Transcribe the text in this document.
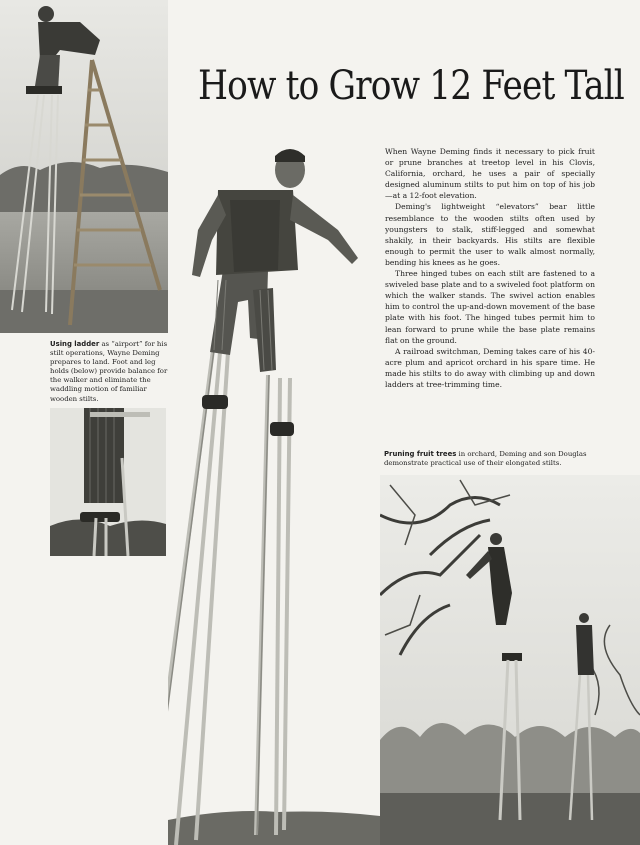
How to Grow 12 Feet Tall

When Wayne Deming finds it necessary to pick fruit or prune branches at treetop level in his Clovis, California, orchard, he uses a pair of specially designed aluminum stilts to put him on top of his job—at a 12-foot elevation.

Deming's lightweight “elevators” bear little resemblance to the wooden stilts often used by youngsters to stalk, stiff-legged and somewhat shakily, in their backyards. His stilts are flexible enough to permit the user to walk almost normally, bending his knees as he goes.

Three hinged tubes on each stilt are fastened to a swiveled base plate and to a swiveled foot platform on which the walker stands. The swivel action enables him to control the up-and-down movement of the base plate with his foot. The hinged tubes permit him to lean forward to prune while the base plate remains flat on the ground.

A railroad switchman, Deming takes care of his 40-acre plum and apricot orchard in his spare time. He made his stilts to do away with climbing up and down ladders at tree-trimming time.

Using ladder as “airport” for his stilt operations, Wayne Deming prepares to land. Foot and leg holds (below) provide balance for the walker and eliminate the waddling motion of familiar wooden stilts.
Pruning fruit trees in orchard, Deming and son Douglas demonstrate practical use of their elongated stilts.
